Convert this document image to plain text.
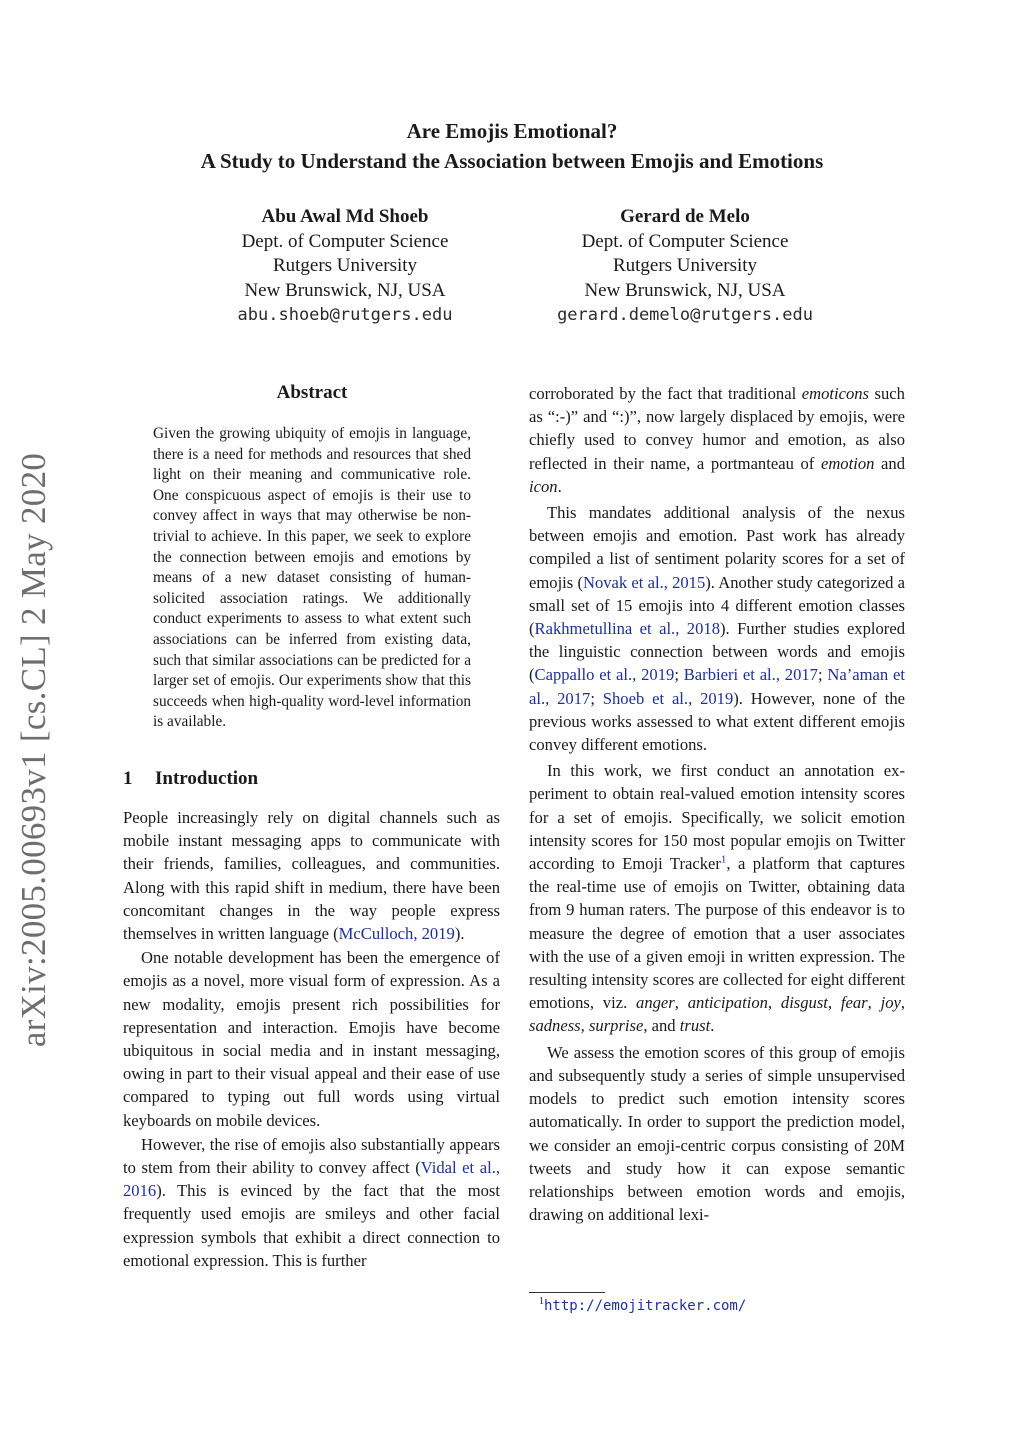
arXiv:2005.00693v1 [cs.CL] 2 May 2020
Are Emojis Emotional?
A Study to Understand the Association between Emojis and Emotions
Abu Awal Md Shoeb
Dept. of Computer Science
Rutgers University
New Brunswick, NJ, USA
abu.shoeb@rutgers.edu
Gerard de Melo
Dept. of Computer Science
Rutgers University
New Brunswick, NJ, USA
gerard.demelo@rutgers.edu
Abstract
Given the growing ubiquity of emojis in language, there is a need for methods and resources that shed light on their meaning and communicative role. One conspicuous aspect of emojis is their use to convey affect in ways that may otherwise be non-trivial to achieve. In this paper, we seek to explore the connection between emojis and emotions by means of a new dataset consisting of human-solicited association ratings. We additionally conduct experiments to assess to what extent such associations can be inferred from existing data, such that similar associations can be predicted for a larger set of emojis. Our experiments show that this succeeds when high-quality word-level information is available.
1 Introduction

People increasingly rely on digital channels such as mobile instant messaging apps to communicate with their friends, families, colleagues, and communities. Along with this rapid shift in medium, there have been concomitant changes in the way people express themselves in written language (McCulloch, 2019).

One notable development has been the emergence of emojis as a novel, more visual form of expression. As a new modality, emojis present rich possibilities for representation and interaction. Emojis have become ubiquitous in social media and in instant messaging, owing in part to their visual appeal and their ease of use compared to typing out full words using virtual keyboards on mobile devices.

However, the rise of emojis also substantially appears to stem from their ability to convey affect (Vidal et al., 2016). This is evinced by the fact that the most frequently used emojis are smileys and other facial expression symbols that exhibit a direct connection to emotional expression. This is further

corroborated by the fact that traditional emoticons such as “:-)” and “:)”, now largely displaced by emojis, were chiefly used to convey humor and emotion, as also reflected in their name, a portmanteau of emotion and icon.

This mandates additional analysis of the nexus between emojis and emotion. Past work has already compiled a list of sentiment polarity scores for a set of emojis (Novak et al., 2015). Another study categorized a small set of 15 emojis into 4 different emotion classes (Rakhmetullina et al., 2018). Further studies explored the linguistic connection between words and emojis (Cappallo et al., 2019; Barbieri et al., 2017; Na’aman et al., 2017; Shoeb et al., 2019). However, none of the previous works assessed to what extent different emojis convey different emotions.

In this work, we first conduct an annotation experiment to obtain real-valued emotion intensity scores for a set of emojis. Specifically, we solicit emotion intensity scores for 150 most popular emojis on Twitter according to Emoji Tracker$^1$, a platform that captures the real-time use of emojis on Twitter, obtaining data from 9 human raters. The purpose of this endeavor is to measure the degree of emotion that a user associates with the use of a given emoji in written expression. The resulting intensity scores are collected for eight different emotions, viz. anger, anticipation, disgust, fear, joy, sadness, surprise, and trust.

We assess the emotion scores of this group of emojis and subsequently study a series of simple unsupervised models to predict such emotion intensity scores automatically. In order to support the prediction model, we consider an emoji-centric corpus consisting of 20M tweets and study how it can expose semantic relationships between emotion words and emojis, drawing on additional lexi-

$^1$http://emojitracker.com/
